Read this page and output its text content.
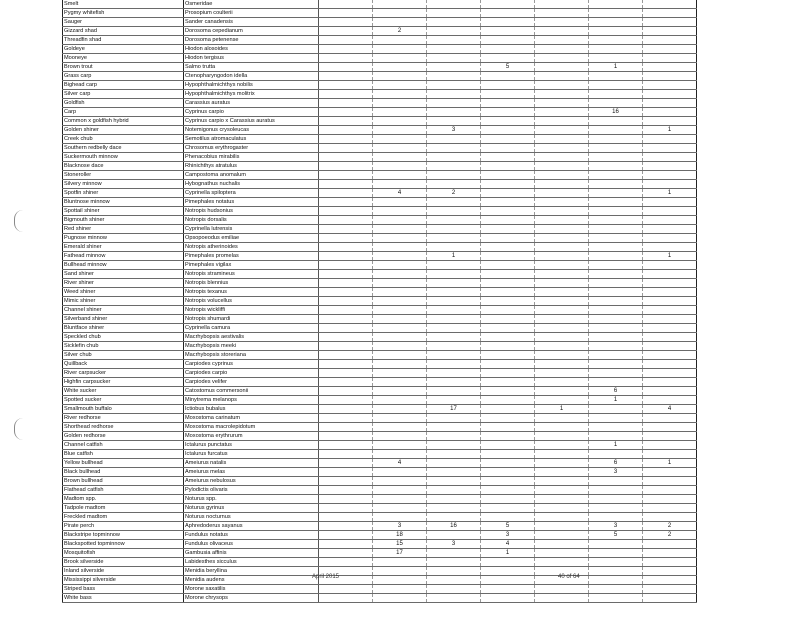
Smelt	Osmeridae							
Pygmy whitefish	Prosopium coulterii							
Sauger	Sander canadensis							
Gizzard shad	Dorosoma cepedianum		2					
Threadfin shad	Dorosoma petenense							
Goldeye	Hiodon alosoides							
Mooneye	Hiodon tergisus							
Brown trout	Salmo trutta				5		1	
Grass carp	Ctenopharyngodon idella							
Bighead carp	Hypophthalmichthys nobilis							
Silver carp	Hypophthalmichthys molitrix							
Goldfish	Carassius auratus							
Carp	Cyprinus carpio						16	
Common x goldfish hybrid	Cyprinus carpio x Carassius auratus							
Golden shiner	Notemigonus crysoleucas			3				1
Creek chub	Semotilus atromaculatus							
Southern redbelly dace	Chrosomus erythrogaster							
Suckermouth minnow	Phenacobius mirabilis							
Blacknose dace	Rhinichthys atratulus							
Stoneroller	Campostoma anomalum							
Silvery minnow	Hybognathus nuchalis							
Spotfin shiner	Cyprinella spiloptera		4	2				1
Bluntnose minnow	Pimephales notatus							
Spottail shiner	Notropis hudsonius							
Bigmouth shiner	Notropis dorsalis							
Red shiner	Cyprinella lutrensis							
Pugnose minnow	Opsopoeodus emiliae							
Emerald shiner	Notropis atherinoides							
Fathead minnow	Pimephales promelas			1				1
Bullhead minnow	Pimephales vigilax							
Sand shiner	Notropis stramineus							
River shiner	Notropis blennius							
Weed shiner	Notropis texanus							
Mimic shiner	Notropis volucellus							
Channel shiner	Notropis wickliffi							
Silverband shiner	Notropis shumardi							
Bluntface shiner	Cyprinella camura							
Speckled chub	Macrhybopsis aestivalis							
Sicklefin chub	Macrhybopsis meeki							
Silver chub	Macrhybopsis storeriana							
Quillback	Carpiodes cyprinus							
River carpsucker	Carpiodes carpio							
Highfin carpsucker	Carpiodes velifer							
White sucker	Catostomus commersonii						6	
Spotted sucker	Minytrema melanops						1	
Smallmouth buffalo	Ictiobus bubalus			17		1		4
River redhorse	Moxostoma carinatum							
Shorthead redhorse	Moxostoma macrolepidotum							
Golden redhorse	Moxostoma erythrurum							
Channel catfish	Ictalurus punctatus						1	
Blue catfish	Ictalurus furcatus							
Yellow bullhead	Ameiurus natalis		4				6	1
Black bullhead	Ameiurus melas						3	
Brown bullhead	Ameiurus nebulosus							
Flathead catfish	Pylodictis olivaris							
Madtom spp.	Noturus spp.							
Tadpole madtom	Noturus gyrinus							
Freckled madtom	Noturus nocturnus							
Pirate perch	Aphredoderus sayanus		3	16	5		3	2
Blackstripe topminnow	Fundulus notatus		18		3		5	2
Blackspotted topminnow	Fundulus olivaceus		15	3	4			
Mosquitofish	Gambusia affinis		17		1			
Brook silverside	Labidesthes sicculus							
Inland silverside	Menidia beryllina							
Mississippi silverside	Menidia audens							
Striped bass	Morone saxatilis							
White bass	Morone chrysops							
April 2015	40 of 64
